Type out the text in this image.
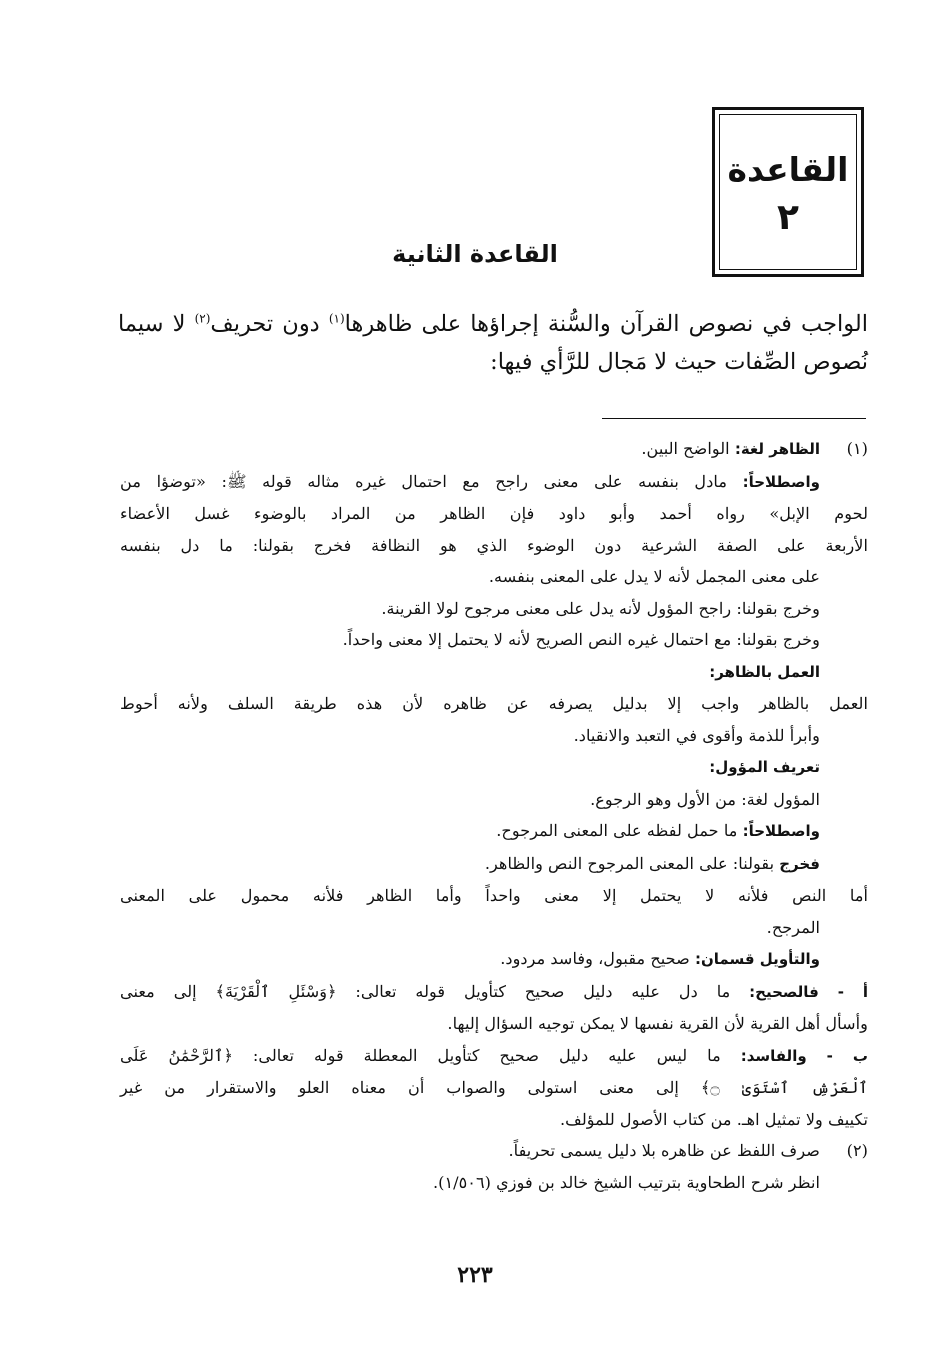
القاعدة
٢
القاعدة الثانية

الواجب في نصوص القرآن والسُّنة إجراؤها على ظاهرها$^{(١)}$ دون تحريف$^{(٢)}$ لا سيما نُصوص الصِّفات حيث لا مَجال للرَّأي فيها:

(١)
الظاهر لغة: الواضح البين.
واصطلاحاً: مادل بنفسه على معنى راجح مع احتمال غيره مثاله قوله ﷺ: «توضؤا من
لحوم الإبل» رواه أحمد وأبو داود فإن الظاهر من المراد بالوضوء غسل الأعضاء
الأربعة على الصفة الشرعية دون الوضوء الذي هو النظافة فخرج بقولنا: ما دل بنفسه
على معنى المجمل لأنه لا يدل على المعنى بنفسه.
وخرج بقولنا: راجح المؤول لأنه يدل على معنى مرجوح لولا القرينة.
وخرج بقولنا: مع احتمال غيره النص الصريح لأنه لا يحتمل إلا معنى واحداً.
العمل بالظاهر:
العمل بالظاهر واجب إلا بدليل يصرفه عن ظاهره لأن هذه طريقة السلف ولأنه أحوط
وأبرأ للذمة وأقوى في التعبد والانقياد.
تعريف المؤول:
المؤول لغة: من الأول وهو الرجوع.
واصطلاحاً: ما حمل لفظه على المعنى المرجوح.
فخرج بقولنا: على المعنى المرجوح النص والظاهر.
أما النص فلأنه لا يحتمل إلا معنى واحداً وأما الظاهر فلأنه محمول على المعنى
المرجح.
والتأويل قسمان: صحيح مقبول، وفاسد مردود.
أ - فالصحيح: ما دل عليه دليل صحيح كتأويل قوله تعالى: ﴿وَسْئَلِ ٱلْقَرْيَةَ﴾ إلى معنى
وأسأل أهل القرية لأن القرية نفسها لا يمكن توجيه السؤال إليها.
ب - والفاسد: ما ليس عليه دليل صحيح كتأويل المعطلة قوله تعالى: ﴿ٱلرَّحْمَٰنُ عَلَى
ٱلْعَرْشِ ٱسْتَوَىٰ ۝﴾ إلى معنى استولى والصواب أن معناه العلو والاستقرار من غير
تكييف ولا تمثيل اهـ. من كتاب الأصول للمؤلف.
(٢)
صرف اللفظ عن ظاهره بلا دليل يسمى تحريفاً.
انظر شرح الطحاوية بترتيب الشيخ خالد بن فوزي (١/٥٠٦).
٢٢٣
